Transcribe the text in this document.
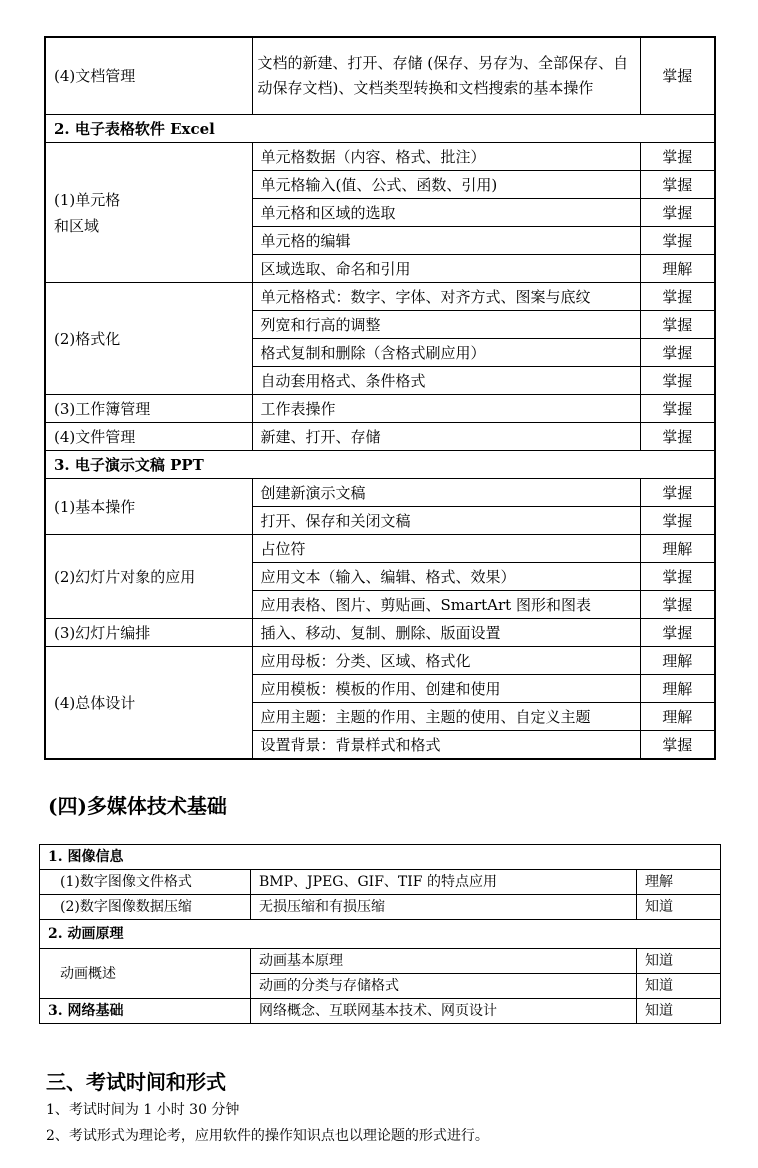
(4)文档管理	文档的新建、打开、存储 (保存、另存为、全部保存、自动保存文档)、文档类型转换和文档搜索的基本操作	掌握
2. 电子表格软件 Excel		
(1)单元格
和区域	单元格数据（内容、格式、批注）	掌握
	单元格输入(值、公式、函数、引用)	掌握
	单元格和区域的选取	掌握
	单元格的编辑	掌握
	区域选取、命名和引用	理解
(2)格式化	单元格格式：数字、字体、对齐方式、图案与底纹	掌握
	列宽和行高的调整	掌握
	格式复制和删除（含格式刷应用）	掌握
	自动套用格式、条件格式	掌握
(3)工作簿管理	工作表操作	掌握
(4)文件管理	新建、打开、存储	掌握
3. 电子演示文稿 PPT		
(1)基本操作	创建新演示文稿	掌握
	打开、保存和关闭文稿	掌握
(2)幻灯片对象的应用	占位符	理解
	应用文本（输入、编辑、格式、效果）	掌握
	应用表格、图片、剪贴画、SmartArt 图形和图表	掌握
(3)幻灯片编排	插入、移动、复制、删除、版面设置	掌握
(4)总体设计	应用母板：分类、区域、格式化	理解
	应用模板：模板的作用、创建和使用	理解
	应用主题：主题的作用、主题的使用、自定义主题	理解
	设置背景：背景样式和格式	掌握
(四)多媒体技术基础
1. 图像信息		
(1)数字图像文件格式	BMP、JPEG、GIF、TIF 的特点应用	理解
(2)数字图像数据压缩	无损压缩和有损压缩	知道
2. 动画原理		
动画概述	动画基本原理	知道
	动画的分类与存储格式	知道
3. 网络基础	网络概念、互联网基本技术、网页设计	知道
三、考试时间和形式
1、考试时间为 1 小时 30 分钟
2、考试形式为理论考，应用软件的操作知识点也以理论题的形式进行。
